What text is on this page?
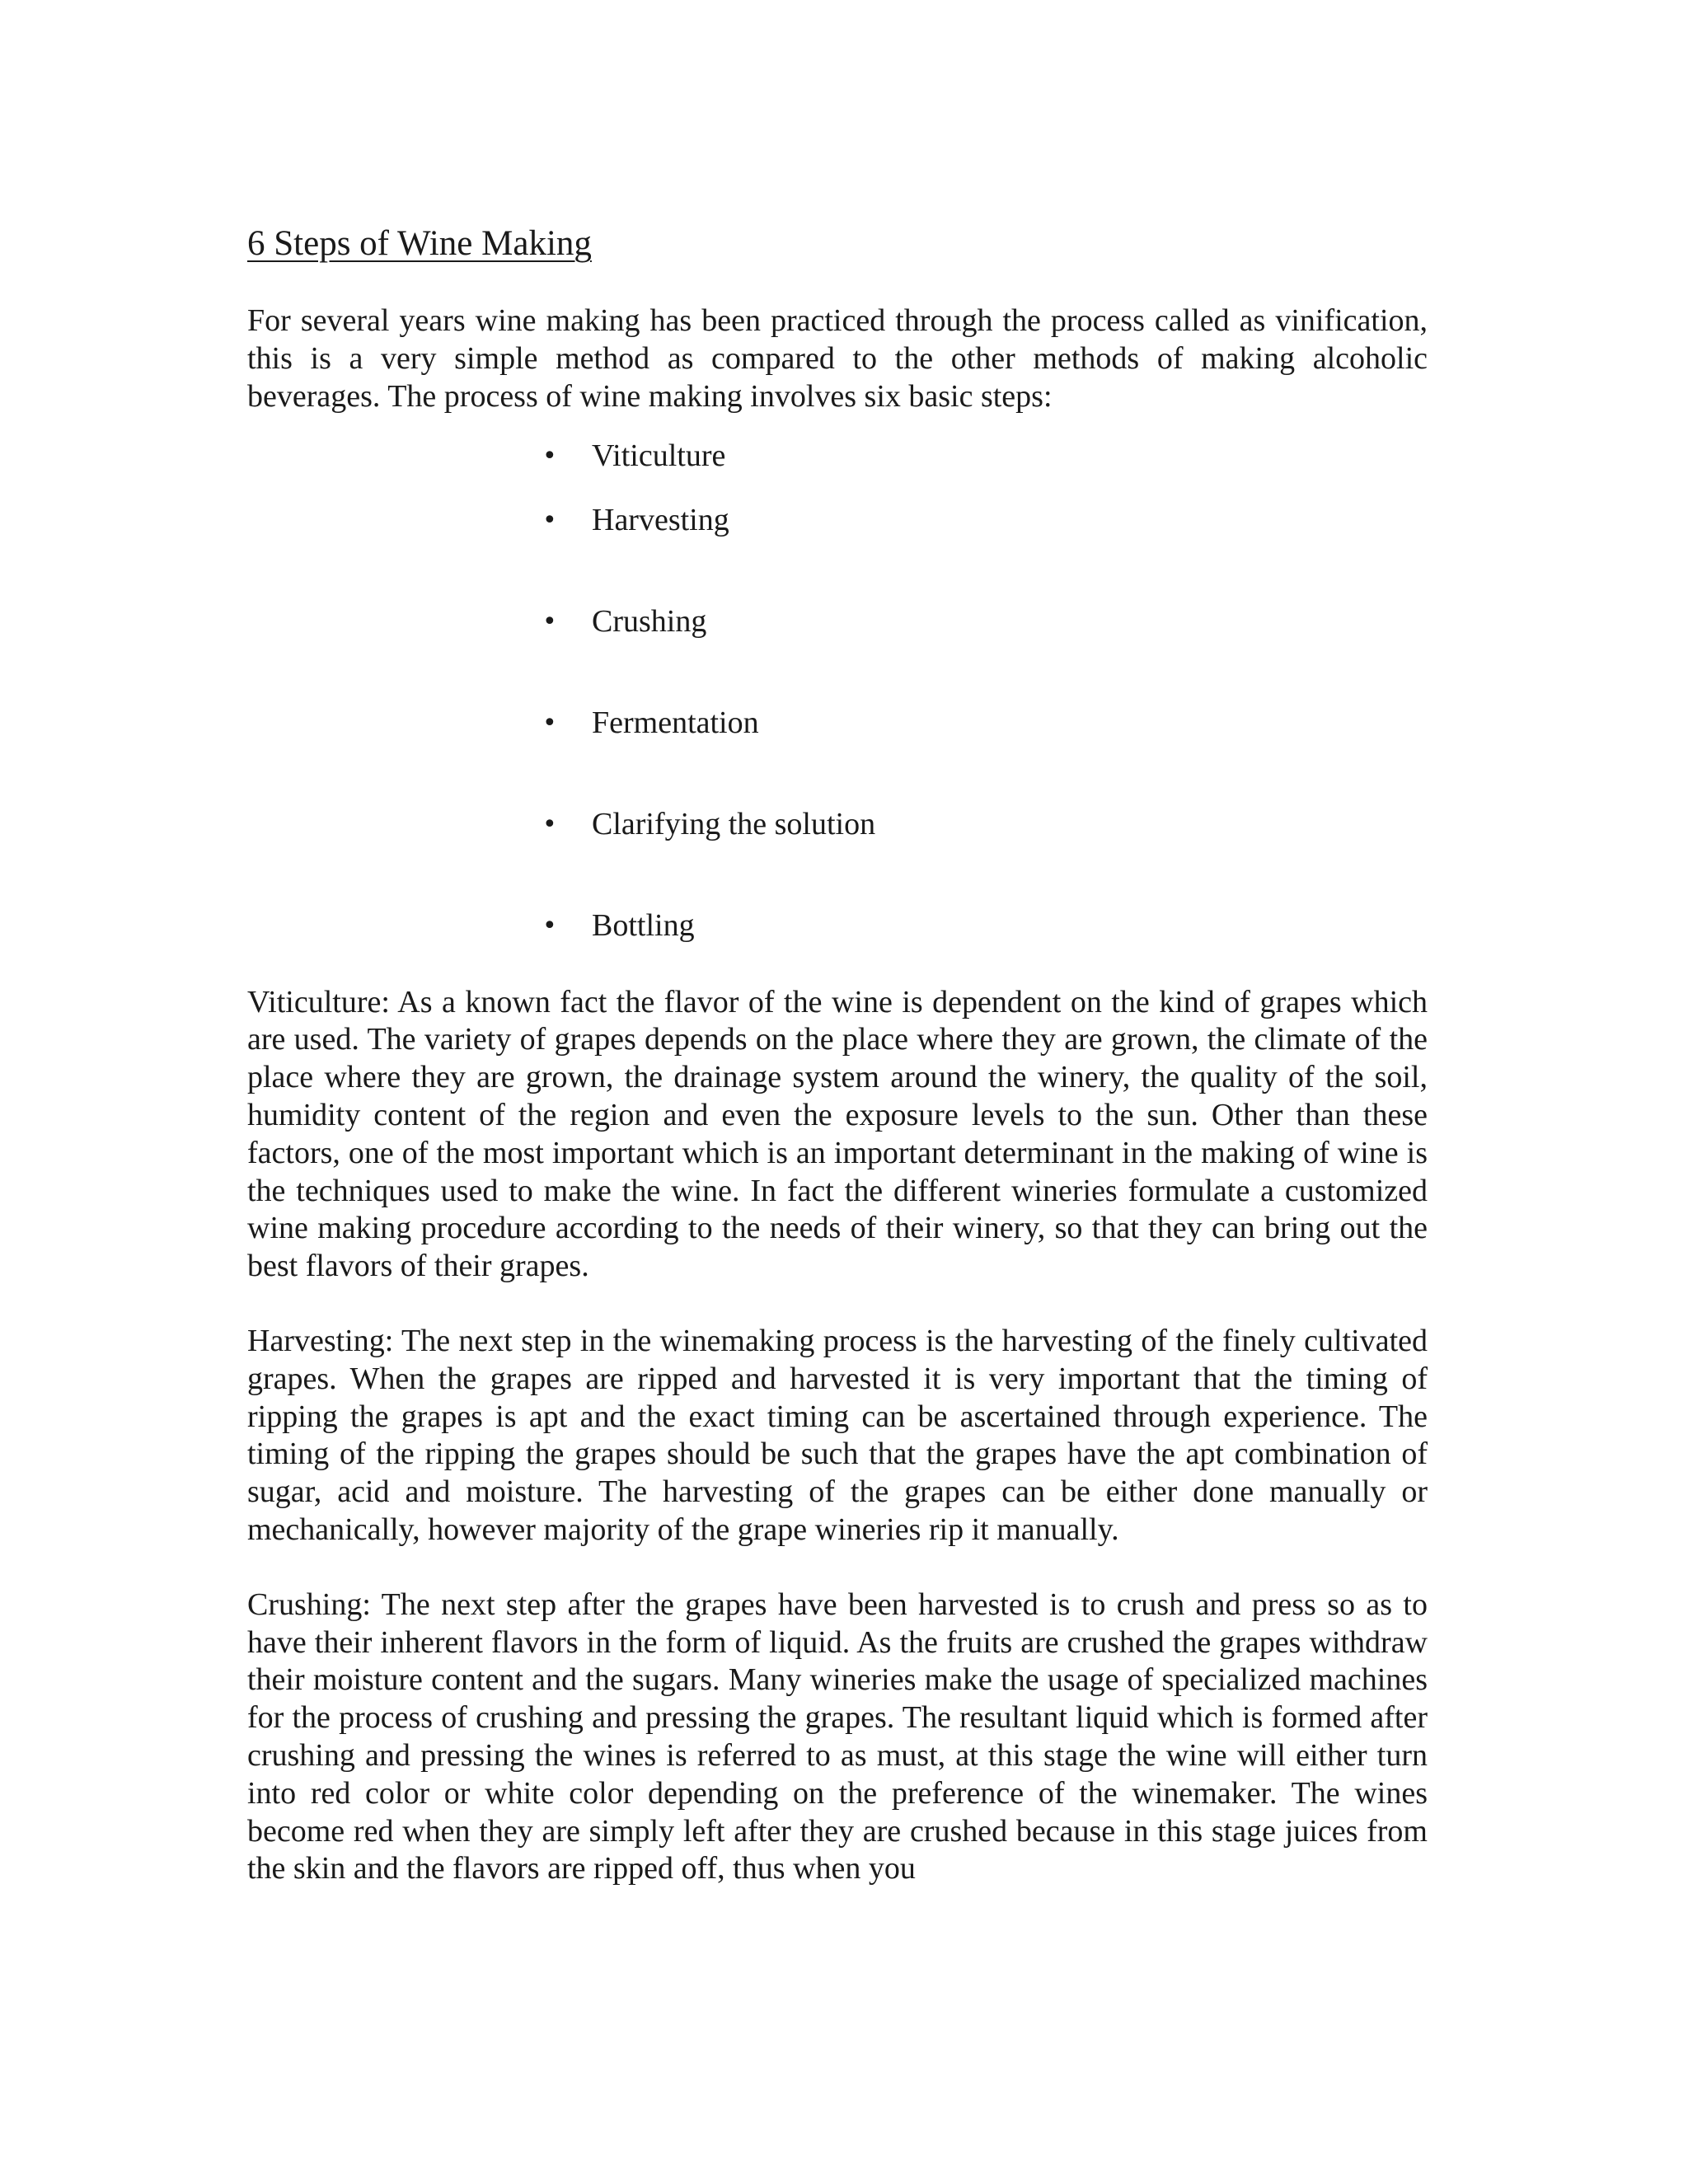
6 Steps of Wine Making

For several years wine making has been practiced through the process called as vinification, this is a very simple method as compared to the other methods of making alcoholic beverages. The process of wine making involves six basic steps:

•	Viticulture
•	Harvesting
•	Crushing
•	Fermentation
•	Clarifying the solution
•	Bottling

Viticulture: As a known fact the flavor of the wine is dependent on the kind of grapes which are used. The variety of grapes depends on the place where they are grown, the climate of the place where they are grown, the drainage system around the winery, the quality of the soil, humidity content of the region and even the exposure levels to the sun. Other than these factors, one of the most important which is an important determinant in the making of wine is the techniques used to make the wine. In fact the different wineries formulate a customized wine making procedure according to the needs of their winery, so that they can bring out the best flavors of their grapes.

Harvesting: The next step in the winemaking process is the harvesting of the finely cultivated grapes. When the grapes are ripped and harvested it is very important that the timing of ripping the grapes is apt and the exact timing can be ascertained through experience. The timing of the ripping the grapes should be such that the grapes have the apt combination of sugar, acid and moisture. The harvesting of the grapes can be either done manually or mechanically, however majority of the grape wineries rip it manually.

Crushing: The next step after the grapes have been harvested is to crush and press so as to have their inherent flavors in the form of liquid. As the fruits are crushed the grapes withdraw their moisture content and the sugars. Many wineries make the usage of specialized machines for the process of crushing and pressing the grapes. The resultant liquid which is formed after crushing and pressing the wines is referred to as must, at this stage the wine will either turn into red color or white color depending on the preference of the winemaker. The wines become red when they are simply left after they are crushed because in this stage juices from the skin and the flavors are ripped off, thus when you
